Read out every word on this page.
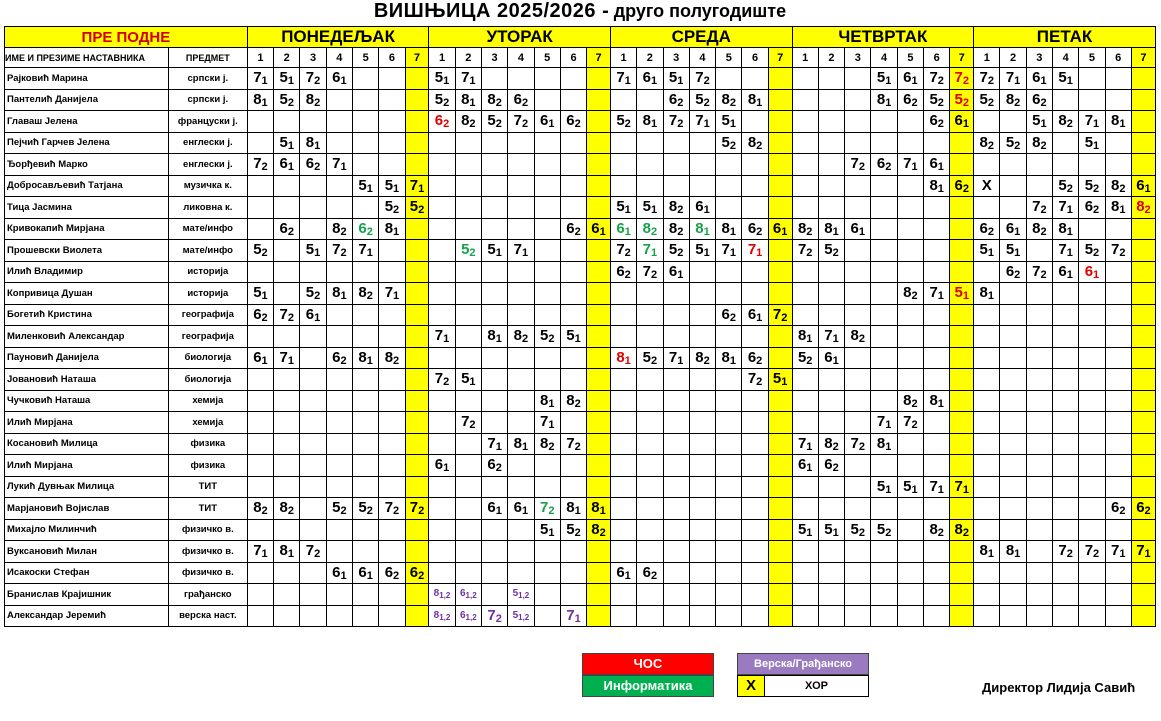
ВИШЊИЦА 2025/2026 - друго полугодиште
ПРЕ ПОДНЕ		ПОНЕДЕЉАК							УТОРАК							СРЕДА							ЧЕТВРТАК							ПЕТАК						
ИМЕ И ПРЕЗИМЕ НАСТАВНИКА	ПРЕДМЕТ	1	2	3	4	5	6	7	1	2	3	4	5	6	7	1	2	3	4	5	6	7	1	2	3	4	5	6	7	1	2	3	4	5	6	7
Рајковић Марина	српски ј.	$7_1$	$5_1$	$7_2$	$6_1$				$5_1$	$7_1$						$7_1$	$6_1$	$5_1$	$7_2$							$5_1$	$6_1$	$7_2$	$7_2$	$7_2$	$7_1$	$6_1$	$5_1$			
Пантелић Данијела	српски ј.	$8_1$	$5_2$	$8_2$					$5_2$	$8_1$	$8_2$	$6_2$						$6_2$	$5_2$	$8_2$	$8_1$					$8_1$	$6_2$	$5_2$	$5_2$	$5_2$	$8_2$	$6_2$				
Главаш Јелена	француски ј.								$6_2$	$8_2$	$5_2$	$7_2$	$6_1$	$6_2$		$5_2$	$8_1$	$7_2$	$7_1$	$5_1$								$6_2$	$6_1$			$5_1$	$8_2$	$7_1$	$8_1$	
Пејчић Гарчев Јелена	енглески ј.		$5_1$	$8_1$																$5_2$	$8_2$									$8_2$	$5_2$	$8_2$		$5_1$		
Ђорђевић Марко	енглески ј.	$7_2$	$6_1$	$6_2$	$7_1$																				$7_2$	$6_2$	$7_1$	$6_1$								
Добросављевић Татјана	музичка к.					$5_1$	$5_1$	$7_1$																				$8_1$	$6_2$	X			$5_2$	$5_2$	$8_2$	$6_1$
Тица Јасмина	ликовна к.						$5_2$	$5_2$								$5_1$	$5_1$	$8_2$	$6_1$													$7_2$	$7_1$	$6_2$	$8_1$	$8_2$
Кривокапић Мирјана	мате/инфо		$6_2$		$8_2$	$6_2$	$8_1$							$6_2$	$6_1$	$6_1$	$8_2$	$8_2$	$8_1$	$8_1$	$6_2$	$6_1$	$8_2$	$8_1$	$6_1$					$6_2$	$6_1$	$8_2$	$8_1$			
Прошевски Виолета	мате/инфо	$5_2$		$5_1$	$7_2$	$7_1$				$5_2$	$5_1$	$7_1$				$7_2$	$7_1$	$5_2$	$5_1$	$7_1$	$7_1$		$7_2$	$5_2$						$5_1$	$5_1$		$7_1$	$5_2$	$7_2$	
Илић Владимир	историја															$6_2$	$7_2$	$6_1$													$6_2$	$7_2$	$6_1$	$6_1$		
Копривица Душан	историја	$5_1$		$5_2$	$8_1$	$8_2$	$7_1$																				$8_2$	$7_1$	$5_1$	$8_1$						
Богетић Кристина	географија	$6_2$	$7_2$	$6_1$																$6_2$	$6_1$	$7_2$														
Миленковић Александар	географија								$7_1$		$8_1$	$8_2$	$5_2$	$5_1$									$8_1$	$7_1$	$8_2$											
Пауновић Данијела	биологија	$6_1$	$7_1$		$6_2$	$8_1$	$8_2$									$8_1$	$5_2$	$7_1$	$8_2$	$8_1$	$6_2$		$5_2$	$6_1$												
Јовановић Наташа	биологија								$7_2$	$5_1$											$7_2$	$5_1$														
Чучковић Наташа	хемија												$8_1$	$8_2$													$8_2$	$8_1$								
Илић Мирјана	хемија									$7_2$			$7_1$													$7_1$	$7_2$									
Косановић Милица	физика										$7_1$	$8_1$	$8_2$	$7_2$									$7_1$	$8_2$	$7_2$	$8_1$										
Илић Мирјана	физика								$6_1$		$6_2$												$6_1$	$6_2$												
Лукић Дувњак Милица	ТИТ																									$5_1$	$5_1$	$7_1$	$7_1$							
Марјановић Војислав	ТИТ	$8_2$	$8_2$		$5_2$	$5_2$	$7_2$	$7_2$			$6_1$	$6_1$	$7_2$	$8_1$	$8_1$																				$6_2$	$6_2$
Михајло Милинчић	физичко в.												$5_1$	$5_2$	$8_2$								$5_1$	$5_1$	$5_2$	$5_2$		$8_2$	$8_2$							
Вуксановић Милан	физичко в.	$7_1$	$8_1$	$7_2$																										$8_1$	$8_1$		$7_2$	$7_2$	$7_1$	$7_1$
Исакоски Стефан	физичко в.				$6_1$	$6_1$	$6_2$	$6_2$								$6_1$	$6_2$																			
Бранислав Крајишник	грађанско								$8_{1,2}$	$6_{1,2}$		$5_{1,2}$																								
Александар Јеремић	верска наст.								$8_{1,2}$	$6_{1,2}$	$7_2$	$5_{1,2}$		$7_1$																						
ЧОС
Информатика
Верска/Грађанско
X	ХОР	Директор Лидија Савић
